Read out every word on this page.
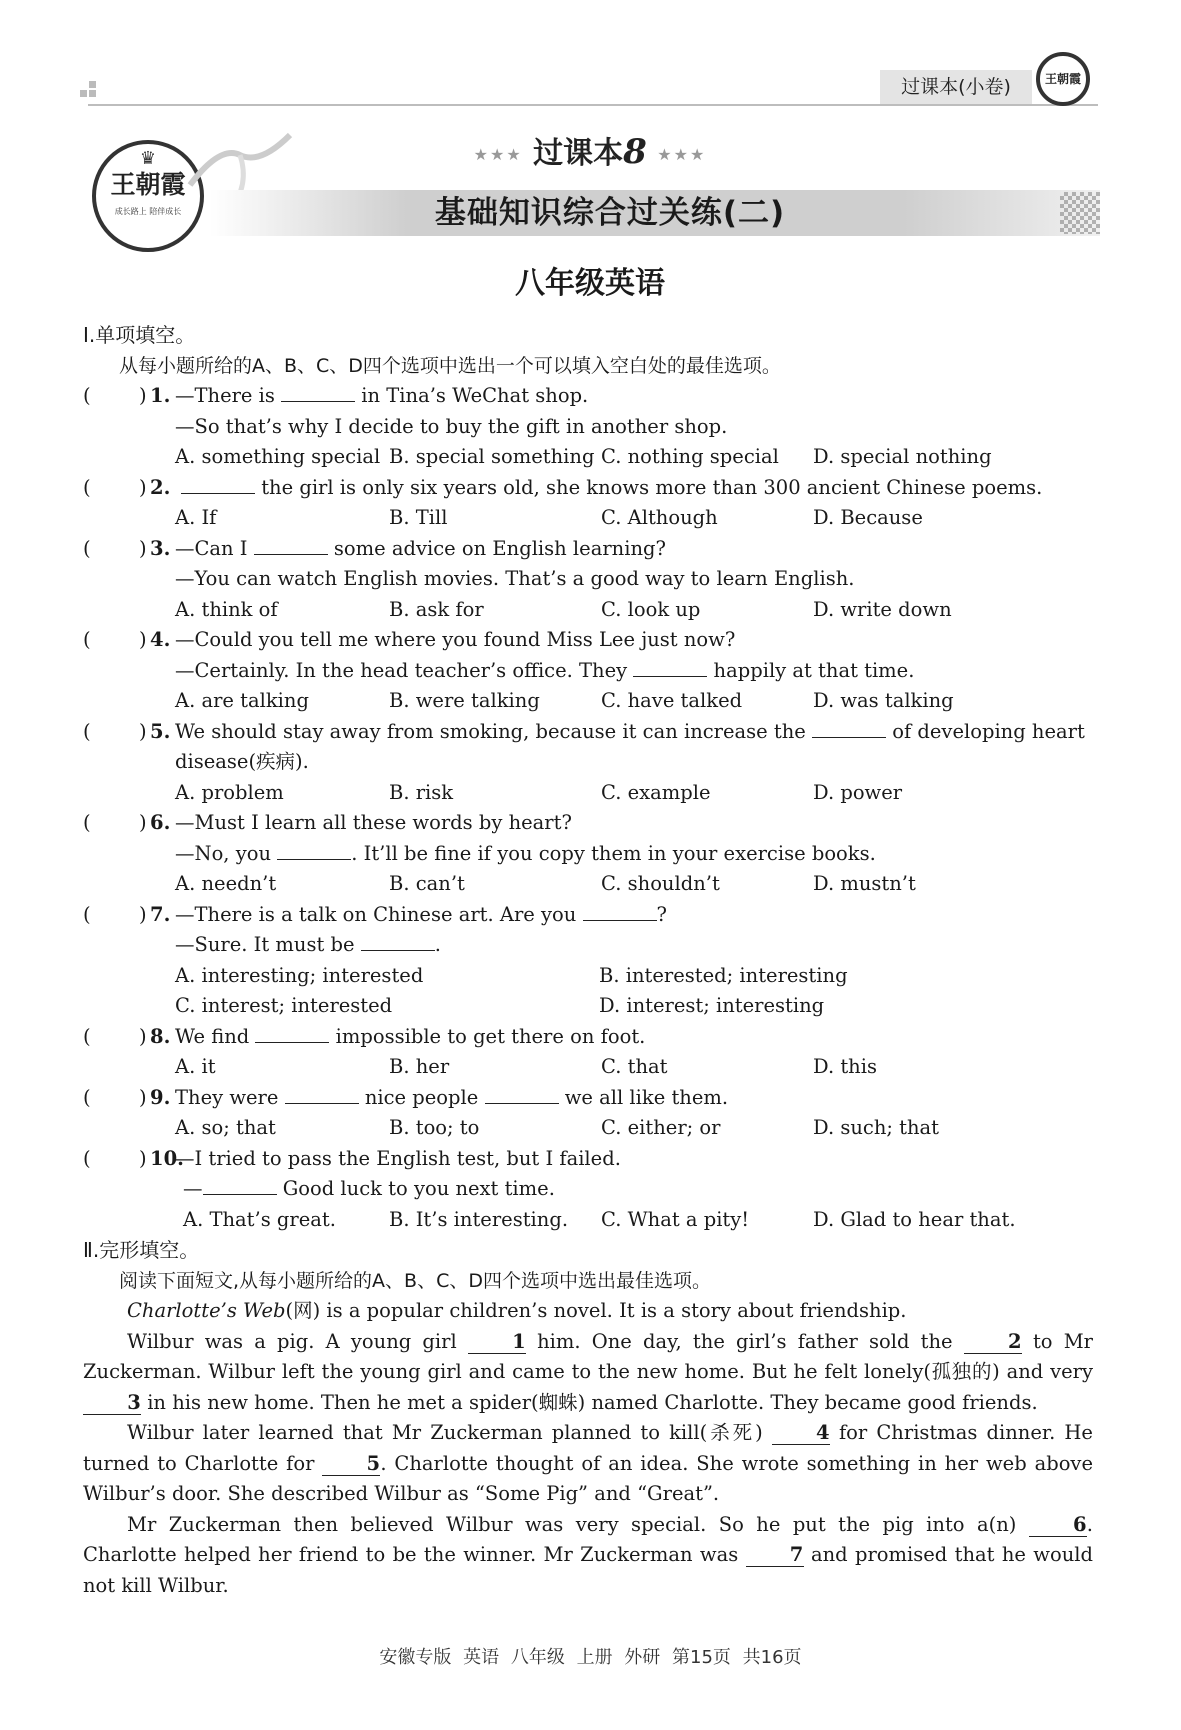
过课本(小卷)	王朝霞
♛
王朝霞
成长路上 陪伴成长
★★★ 过课本8 ★★★
基础知识综合过关练(二)
八年级英语
Ⅰ.单项填空。
从每小题所给的A、B、C、D四个选项中选出一个可以填入空白处的最佳选项。
( ) 1. —There is	in Tina’s WeChat shop.
—So that’s why I decide to buy the gift in another shop.
A. something special B. special something C. nothing special	D. special nothing
( ) 2.	the girl is only six years old, she knows more than 300 ancient Chinese poems.
A. If	B. Till	C. Although	D. Because
( ) 3. —Can I	some advice on English learning?
—You can watch English movies. That’s a good way to learn English.
A. think of	B. ask for	C. look up	D. write down
( ) 4. —Could you tell me where you found Miss Lee just now?
—Certainly. In the head teacher’s office. They	happily at that time.
A. are talking	B. were talking	C. have talked	D. was talking
( ) 5. We should stay away from smoking, because it can increase the	of developing heart
disease(疾病).
A. problem	B. risk	C. example	D. power
( ) 6. —Must I learn all these words by heart?
—No, you	. It’ll be fine if you copy them in your exercise books.
A. needn’t	B. can’t	C. shouldn’t	D. mustn’t
( ) 7. —There is a talk on Chinese art. Are you	?
—Sure. It must be	.
A. interesting; interested	B. interested; interesting
C. interest; interested	D. interest; interesting
( ) 8. We find	impossible to get there on foot.
A. it	B. her	C. that	D. this
( ) 9. They were	nice people	we all like them.
A. so; that	B. too; to	C. either; or	D. such; that
( ) 10.
—I tried to pass the English test, but I failed.
—	Good luck to you next time.
A. That’s great.	B. It’s interesting.	C. What a pity!	D. Glad to hear that.
Ⅱ.完形填空。
阅读下面短文,从每小题所给的A、B、C、D四个选项中选出最佳选项。
Charlotte’s Web(网) is a popular children’s novel. It is a story about friendship.
Wilbur was a pig. A young girl 1 him. One day, the girl’s father sold the 2 to Mr Zuckerman. Wilbur left the young girl and came to the new home. But he felt lonely(孤独的) and very 3 in his new home. Then he met a spider(蜘蛛) named Charlotte. They became good friends.
Wilbur later learned that Mr Zuckerman planned to kill(杀死) 4 for Christmas dinner. He turned to Charlotte for 5. Charlotte thought of an idea. She wrote something in her web above Wilbur’s door. She described Wilbur as “Some Pig” and “Great”.
Mr Zuckerman then believed Wilbur was very special. So he put the pig into a(n) 6. Charlotte helped her friend to be the winner. Mr Zuckerman was 7 and promised that he would not kill Wilbur.
安徽专版 英语 八年级 上册 外研 第15页 共16页
